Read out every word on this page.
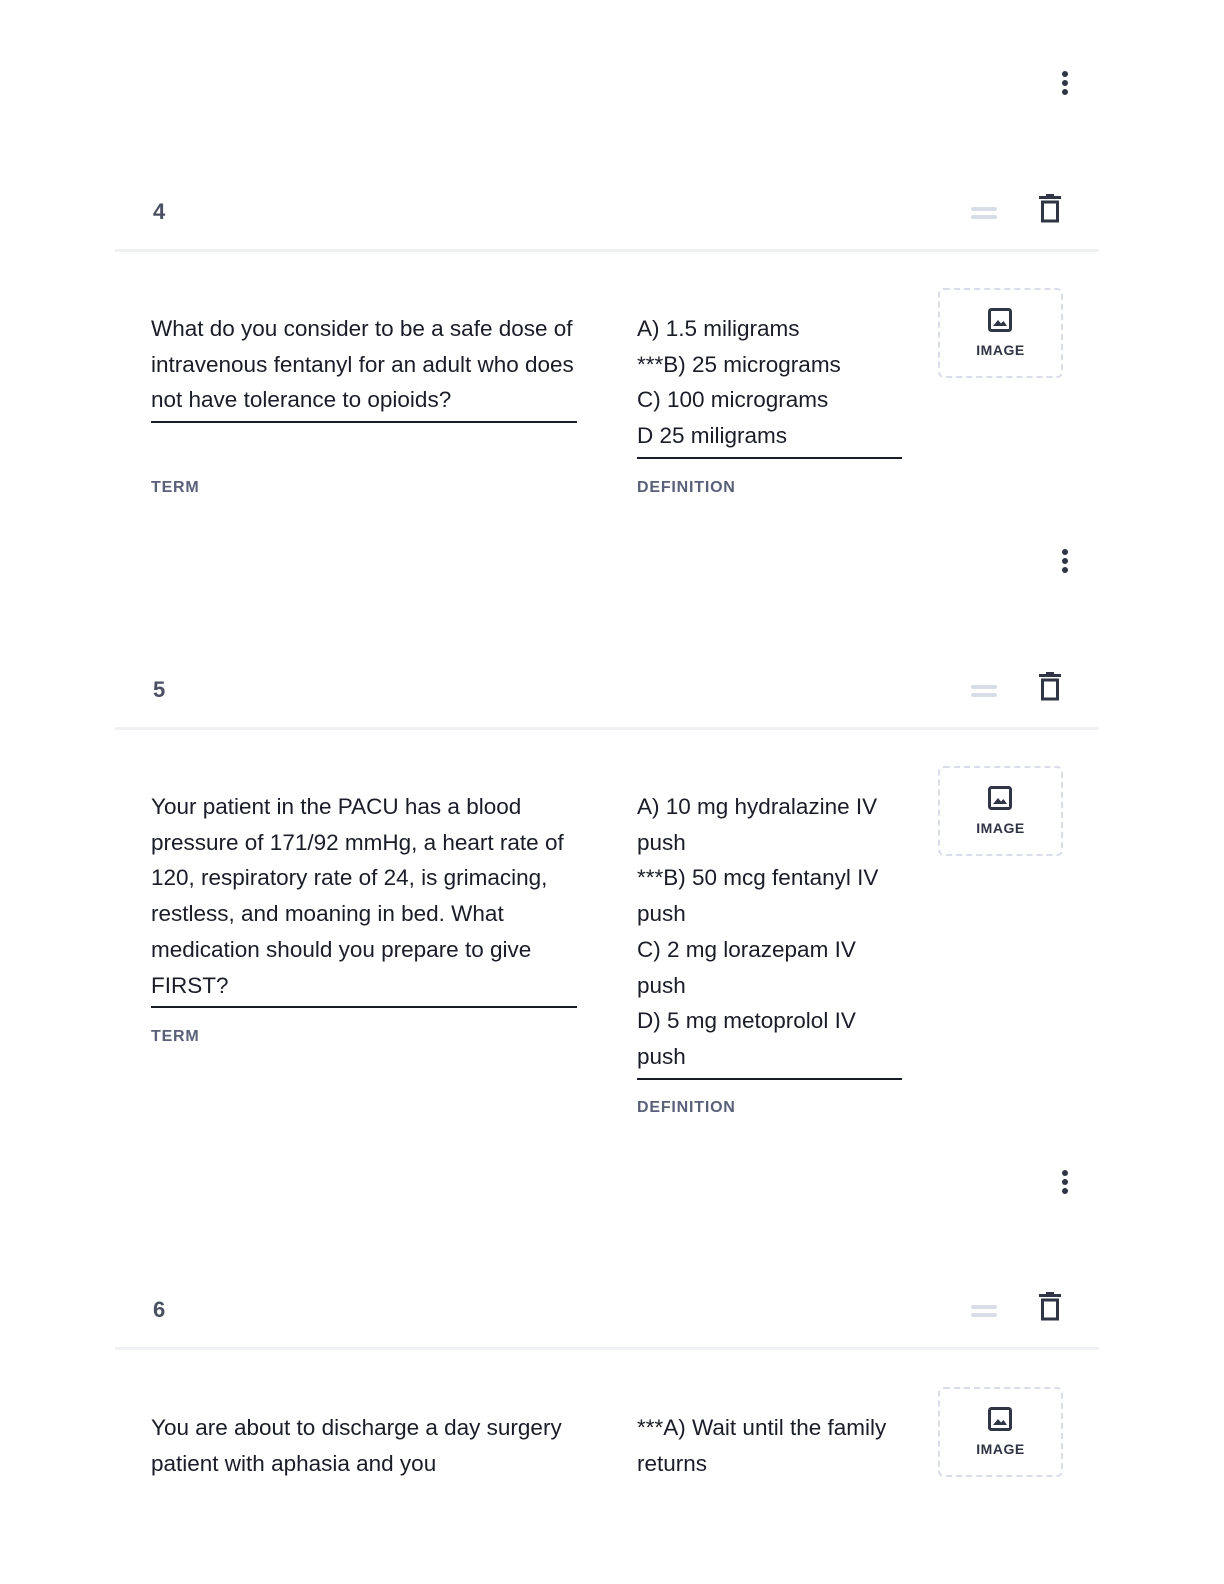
4
What do you consider to be a safe dose of intravenous fentanyl for an adult who does not have tolerance to opioids?
A) 1.5 miligrams
***B) 25 micrograms
C) 100 micrograms
D 25 miligrams
TERM	DEFINITION
IMAGE
5
Your patient in the PACU has a blood pressure of 171/92 mmHg, a heart rate of 120, respiratory rate of 24, is grimacing, restless, and moaning in bed. What medication should you prepare to give FIRST?
A) 10 mg hydralazine IV push
***B) 50 mcg fentanyl IV push
C) 2 mg lorazepam IV push
D) 5 mg metoprolol IV push
TERM
DEFINITION
IMAGE
6
You are about to discharge a day surgery patient with aphasia and you
***A) Wait until the family returns
IMAGE
